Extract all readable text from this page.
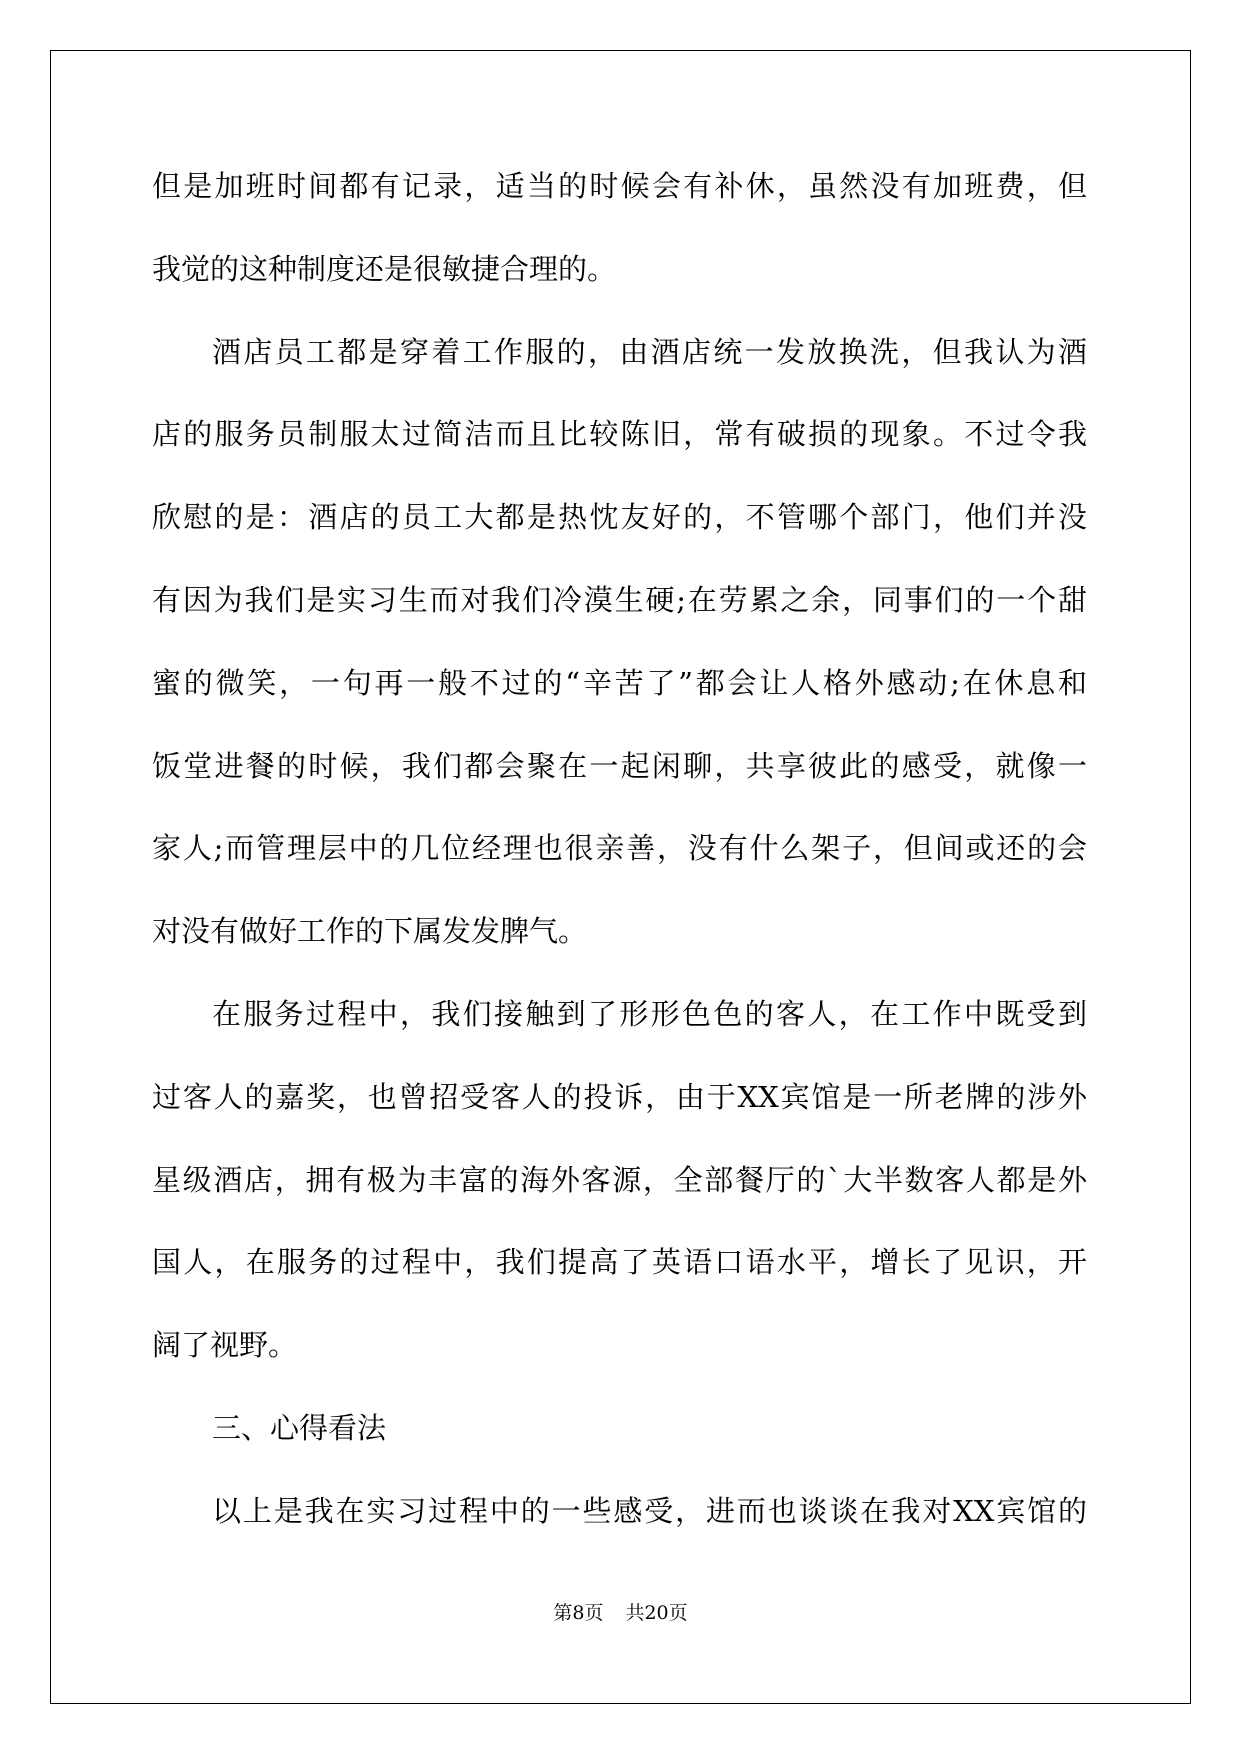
但是加班时间都有记录，适当的时候会有补休，虽然没有加班费，但
我觉的这种制度还是很敏捷合理的。
酒店员工都是穿着工作服的，由酒店统一发放换洗，但我认为酒
店的服务员制服太过简洁而且比较陈旧，常有破损的现象。不过令我
欣慰的是：酒店的员工大都是热忱友好的，不管哪个部门，他们并没
有因为我们是实习生而对我们冷漠生硬;在劳累之余，同事们的一个甜
蜜的微笑，一句再一般不过的“辛苦了”都会让人格外感动;在休息和
饭堂进餐的时候，我们都会聚在一起闲聊，共享彼此的感受，就像一
家人;而管理层中的几位经理也很亲善，没有什么架子，但间或还的会
对没有做好工作的下属发发脾气。
在服务过程中，我们接触到了形形色色的客人，在工作中既受到
过客人的嘉奖，也曾招受客人的投诉，由于XX宾馆是一所老牌的涉外
星级酒店，拥有极为丰富的海外客源，全部餐厅的`大半数客人都是外
国人，在服务的过程中，我们提高了英语口语水平，增长了见识，开
阔了视野。
三、心得看法
以上是我在实习过程中的一些感受，进而也谈谈在我对XX宾馆的
第8页 共20页
